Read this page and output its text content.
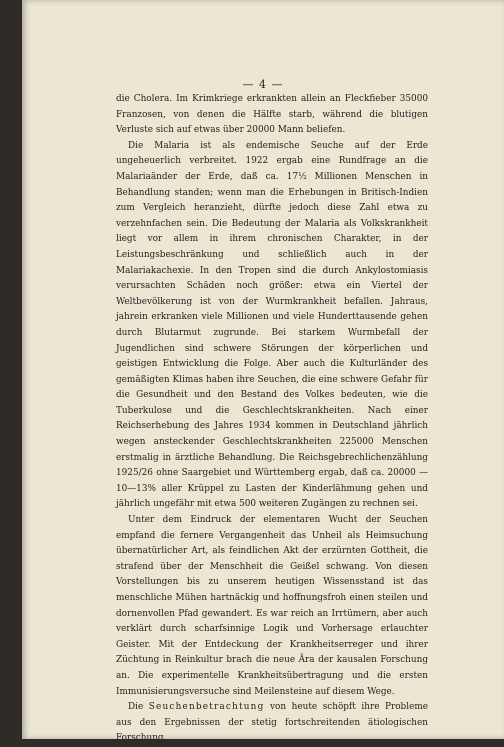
— 4 —

die Cholera. Im Krimkriege erkrankten allein an Fleckfieber 35000 Franzosen, von denen die Hälfte starb, während die blutigen Verluste sich auf etwas über 20000 Mann beliefen.

Die Malaria ist als endemische Seuche auf der Erde ungeheuerlich verbreitet. 1922 ergab eine Rundfrage an die Malariaänder der Erde, daß ca. 17½ Millionen Menschen in Behandlung standen; wenn man die Erhebungen in Britisch-Indien zum Vergleich heranzieht, dürfte jedoch diese Zahl etwa zu verzehnfachen sein. Die Bedeutung der Malaria als Volkskrankheit liegt vor allem in ihrem chronischen Charakter, in der Leistungsbeschränkung und schließlich auch in der Malariakachexie. In den Tropen sind die durch Ankylostomiasis verursachten Schäden noch größer: etwa ein Viertel der Weltbevölkerung ist von der Wurmkrankheit befallen. Jahraus, jahrein erkranken viele Millionen und viele Hunderttausende gehen durch Blutarmut zugrunde. Bei starkem Wurmbefall der Jugendlichen sind schwere Störungen der körperlichen und geistigen Entwicklung die Folge. Aber auch die Kulturländer des gemäßigten Klimas haben ihre Seuchen, die eine schwere Gefahr für die Gesundheit und den Bestand des Volkes bedeuten, wie die Tuberkulose und die Geschlechtskrankheiten. Nach einer Reichserhebung des Jahres 1934 kommen in Deutschland jährlich wegen ansteckender Geschlechtskrankheiten 225000 Menschen erstmalig in ärztliche Behandlung. Die Reichsgebrechlichenzählung 1925/26 ohne Saargebiet und Württemberg ergab, daß ca. 20000 — 10—13% aller Krüppel zu Lasten der Kinderlähmung gehen und jährlich ungefähr mit etwa 500 weiteren Zugängen zu rechnen sei.

Unter dem Eindruck der elementaren Wucht der Seuchen empfand die fernere Vergangenheit das Unheil als Heimsuchung übernatürlicher Art, als feindlichen Akt der erzürnten Gottheit, die strafend über der Menschheit die Geißel schwang. Von diesen Vorstellungen bis zu unserem heutigen Wissensstand ist das menschliche Mühen hartnäckig und hoffnungsfroh einen steilen und dornenvollen Pfad gewandert. Es war reich an Irrtümern, aber auch verklärt durch scharfsinnige Logik und Vorhersage erlauchter Geister. Mit der Entdeckung der Krankheitserreger und ihrer Züchtung in Reinkultur brach die neue Ära der kausalen Forschung an. Die experimentelle Krankheitsübertragung und die ersten Immunisierungsversuche sind Meilensteine auf diesem Wege.

Die Seuchenbetrachtung von heute schöpft ihre Probleme aus den Ergebnissen der stetig fortschreitenden ätiologischen Forschung,
